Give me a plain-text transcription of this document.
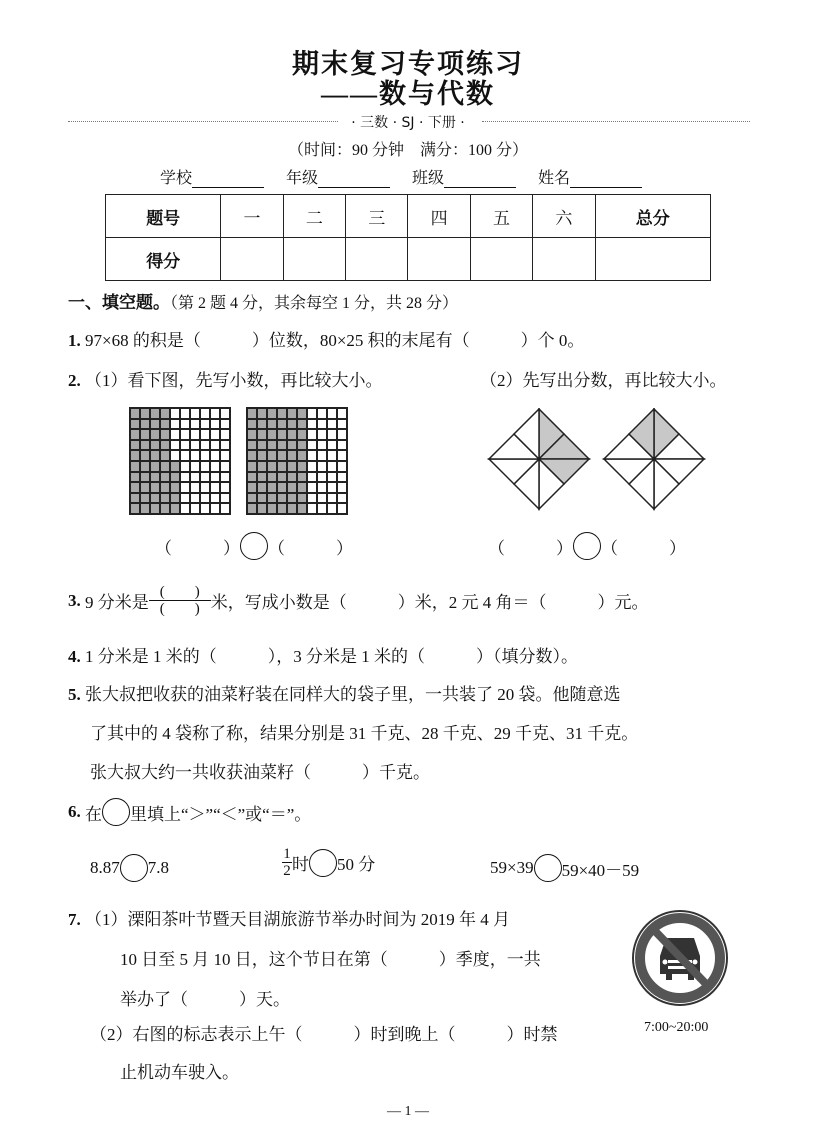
期末复习专项练习
——数与代数
· 三数 · SJ · 下册 ·
（时间：90 分钟　满分：100 分）
学校	年级	班级	姓名
题号	一	二	三	四	五	六	总分
得分							
一、填空题。（第 2 题 4 分，其余每空 1 分，共 28 分）
1. 97×68 的积是（　　　）位数，80×25 积的末尾有（　　　）个 0。
2. （1）看下图，先写小数，再比较大小。	（2）先写出分数，再比较大小。
（　　　） （　　　）	（　　　） （　　　）
3.
9 分米是 $\frac{( )}{( )}$ 米，写成小数是（　　　）米，2 元 4 角＝（　　　）元。
4. 1 分米是 1 米的（　　　），3 分米是 1 米的（　　　）（填分数）。
5. 张大叔把收获的油菜籽装在同样大的袋子里，一共装了 20 袋。他随意选
了其中的 4 袋称了称，结果分别是 31 千克、28 千克、29 千克、31 千克。
张大叔大约一共收获油菜籽（　　　）千克。
6.
在 里填上“＞”“＜”或“＝”。
8.87 7.8	$\frac{1}{2}$ 时 50 分	59×39 59×40－59
7. （1）溧阳茶叶节暨天目湖旅游节举办时间为 2019 年 4 月
10 日至 5 月 10 日，这个节日在第（　　　）季度，一共
举办了（　　　）天。
（2）右图的标志表示上午（　　　）时到晚上（　　　）时禁
止机动车驶入。
7:00~20:00
— 1 —
